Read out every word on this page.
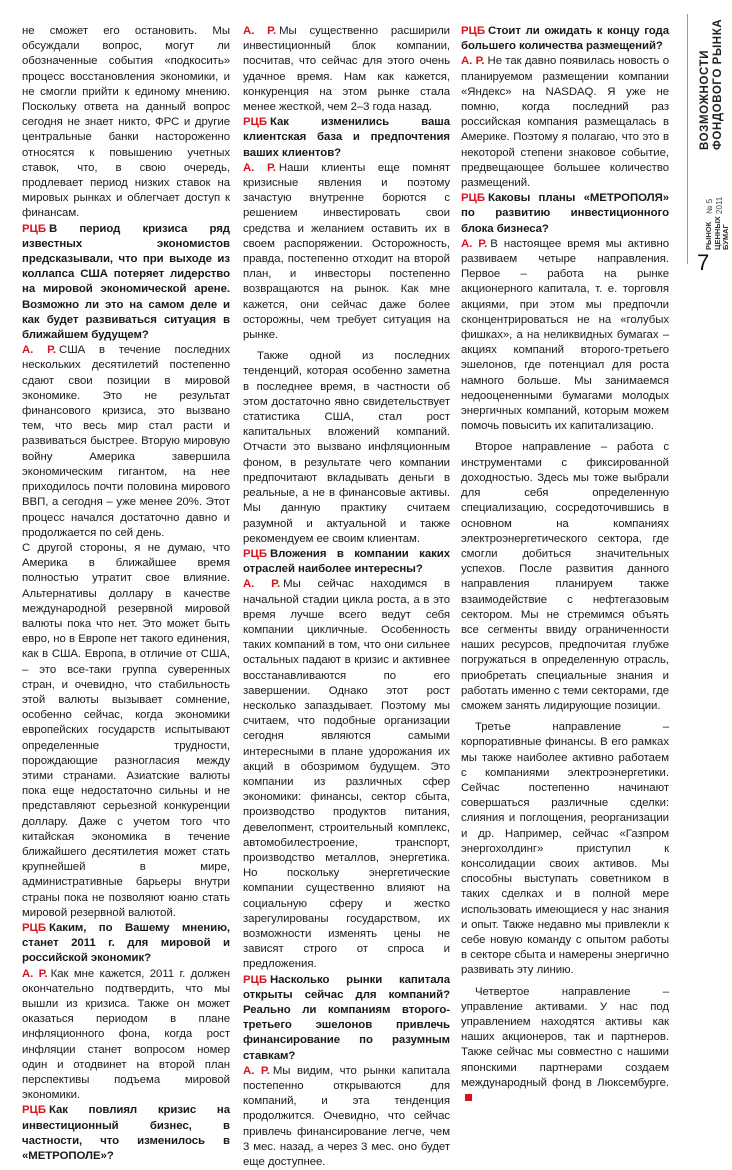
не сможет его остановить. Мы обсуждали вопрос, могут ли обозначенные события «подкосить» процесс восстановления экономики, и не смогли прийти к единому мнению. Поскольку ответа на данный вопрос сегодня не знает никто, ФРС и другие центральные банки настороженно относятся к повышению учетных ставок, что, в свою очередь, продлевает период низких ставок на мировых рынках и облегчает доступ к финансам.

РЦБ В период кризиса ряд известных экономистов предсказывали, что при выходе из коллапса США потеряет лидерство на мировой экономической арене. Возможно ли это на самом деле и как будет развиваться ситуация в ближайшем будущем?

А. Р. США в течение последних нескольких десятилетий постепенно сдают свои позиции в мировой экономике. Это не результат финансового кризиса, это вызвано тем, что весь мир стал расти и развиваться быстрее. Вторую мировую войну Америка завершила экономическим гигантом, на нее приходилось почти половина мирового ВВП, а сегодня – уже менее 20%. Этот процесс начался достаточно давно и продолжается по сей день.

С другой стороны, я не думаю, что Америка в ближайшее время полностью утратит свое влияние. Альтернативы доллару в качестве международной резервной мировой валюты пока что нет. Это может быть евро, но в Европе нет такого единения, как в США. Европа, в отличие от США, – это все-таки группа суверенных стран, и очевидно, что стабильность этой валюты вызывает сомнение, особенно сейчас, когда экономики европейских государств испытывают определенные трудности, порождающие разногласия между этими странами. Азиатские валюты пока еще недостаточно сильны и не представляют серьезной конкуренции доллару. Даже с учетом того что китайская экономика в течение ближайшего десятилетия может стать крупнейшей в мире, административные барьеры внутри страны пока не позволяют юаню стать мировой резервной валютой.

РЦБ Каким, по Вашему мнению, станет 2011 г. для мировой и российской экономик?

А. Р. Как мне кажется, 2011 г. должен окончательно подтвердить, что мы вышли из кризиса. Также он может оказаться периодом в плане инфляционного фона, когда рост инфляции станет вопросом номер один и отодвинет на второй план перспективы подъема мировой экономики.

РЦБ Как повлиял кризис на инвестиционный бизнес, в частности, что изменилось в «МЕТРОПОЛЕ»?

А. Р. Мы существенно расширили инвестиционный блок компании, посчитав, что сейчас для этого очень удачное время. Нам как кажется, конкуренция на этом рынке стала менее жесткой, чем 2–3 года назад.

РЦБ Как изменились ваша клиентская база и предпочтения ваших клиентов?

А. Р. Наши клиенты еще помнят кризисные явления и поэтому зачастую внутренне борются с решением инвестировать свои средства и желанием оставить их в своем распоряжении. Осторожность, правда, постепенно отходит на второй план, и инвесторы постепенно возвращаются на рынок. Как мне кажется, они сейчас даже более осторожны, чем требует ситуация на рынке.

Также одной из последних тенденций, которая особенно заметна в последнее время, в частности об этом достаточно явно свидетельствует статистика США, стал рост капитальных вложений компаний. Отчасти это вызвано инфляционным фоном, в результате чего компании предпочитают вкладывать деньги в реальные, а не в финансовые активы. Мы данную практику считаем разумной и актуальной и также рекомендуем ее своим клиентам.

РЦБ Вложения в компании каких отраслей наиболее интересны?

А. Р. Мы сейчас находимся в начальной стадии цикла роста, а в это время лучше всего ведут себя компании цикличные. Особенность таких компаний в том, что они сильнее остальных падают в кризис и активнее восстанавливаются по его завершении. Однако этот рост несколько запаздывает. Поэтому мы считаем, что подобные организации сегодня являются самыми интересными в плане удорожания их акций в обозримом будущем. Это компании из различных сфер экономики: финансы, сектор сбыта, производство продуктов питания, девелопмент, строительный комплекс, автомобилестроение, транспорт, производство металлов, энергетика. Но поскольку энергетические компании существенно влияют на социальную сферу и жестко зарегулированы государством, их возможности изменять цены не зависят строго от спроса и предложения.

РЦБ Насколько рынки капитала открыты сейчас для компаний? Реально ли компаниям второго-третьего эшелонов привлечь финансирование по разумным ставкам?

А. Р. Мы видим, что рынки капитала постепенно открываются для компаний, и эта тенденция продолжится. Очевидно, что сейчас привлечь финансирование легче, чем 3 мес. назад, а через 3 мес. оно будет еще доступнее.

РЦБ Стоит ли ожидать к концу года большего количества размещений?

А. Р. Не так давно появилась новость о планируемом размещении компании «Яндекс» на NASDAQ. Я уже не помню, когда последний раз российская компания размещалась в Америке. Поэтому я полагаю, что это в некоторой степени знаковое событие, предвещающее большее количество размещений.

РЦБ Каковы планы «МЕТРОПОЛЯ» по развитию инвестиционного блока бизнеса?

А. Р. В настоящее время мы активно развиваем четыре направления. Первое – работа на рынке акционерного капитала, т. е. торговля акциями, при этом мы предпочли сконцентрироваться не на «голубых фишках», а на неликвидных бумагах – акциях компаний второго-третьего эшелонов, где потенциал для роста намного больше. Мы занимаемся недооцененными бумагами молодых энергичных компаний, которым можем помочь повысить их капитализацию.

Второе направление – работа с инструментами с фиксированной доходностью. Здесь мы тоже выбрали для себя определенную специализацию, сосредоточившись в основном на компаниях электроэнергетического сектора, где смогли добиться значительных успехов. После развития данного направления планируем также взаимодействие с нефтегазовым сектором. Мы не стремимся объять все сегменты ввиду ограниченности наших ресурсов, предпочитая глубже погружаться в определенную отрасль, приобретать специальные знания и работать именно с теми секторами, где сможем занять лидирующие позиции.

Третье направление – корпоративные финансы. В его рамках мы также наиболее активно работаем с компаниями электроэнергетики. Сейчас постепенно начинают совершаться различные сделки: слияния и поглощения, реорганизации и др. Например, сейчас «Газпром энергохолдинг» приступил к консолидации своих активов. Мы способны выступать советником в таких сделках и в полной мере использовать имеющиеся у нас знания и опыт. Также недавно мы привлекли к себе новую команду с опытом работы в секторе сбыта и намерены энергично развивать эту линию.

Четвертое направление – управление активами. У нас под управлением находятся активы как наших акционеров, так и партнеров. Также сейчас мы совместно с нашими японскими партнерами создаем международный фонд в Люксембурге.

ВОЗМОЖНОСТИ ФОНДОВОГО РЫНКА
№ 5 2011
РЫНОК ЦЕННЫХ БУМАГ
7
